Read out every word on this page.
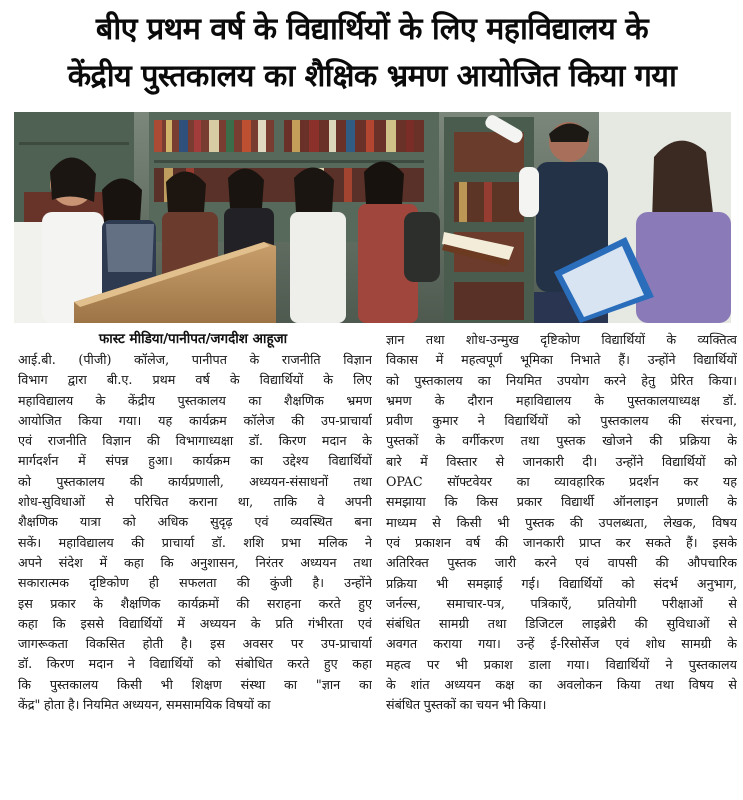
बीए प्रथम वर्ष के विद्यार्थियों के लिए महाविद्यालय के
केंद्रीय पुस्तकालय का शैक्षिक भ्रमण आयोजित किया गया
फास्ट मीडिया/पानीपत/जगदीश आहूजा
आई.बी. (पीजी) कॉलेज, पानीपत के राजनीति विज्ञान
विभाग द्वारा बी.ए. प्रथम वर्ष के विद्यार्थियों के लिए
महाविद्यालय के केंद्रीय पुस्तकालय का शैक्षणिक भ्रमण
आयोजित किया गया। यह कार्यक्रम कॉलेज की उप-प्राचार्या
एवं राजनीति विज्ञान की विभागाध्यक्षा डॉ. किरण मदान के
मार्गदर्शन में संपन्न हुआ। कार्यक्रम का उद्देश्य विद्यार्थियों
को पुस्तकालय की कार्यप्रणाली, अध्ययन-संसाधनों तथा
शोध-सुविधाओं से परिचित कराना था, ताकि वे अपनी
शैक्षणिक यात्रा को अधिक सुदृढ़ एवं व्यवस्थित बना
सकें। महाविद्यालय की प्राचार्या डॉ. शशि प्रभा मलिक ने
अपने संदेश में कहा कि अनुशासन, निरंतर अध्ययन तथा
सकारात्मक दृष्टिकोण ही सफलता की कुंजी है। उन्होंने
इस प्रकार के शैक्षणिक कार्यक्रमों की सराहना करते हुए
कहा कि इससे विद्यार्थियों में अध्ययन के प्रति गंभीरता एवं
जागरूकता विकसित होती है। इस अवसर पर उप-प्राचार्या
डॉ. किरण मदान ने विद्यार्थियों को संबोधित करते हुए कहा
कि पुस्तकालय किसी भी शिक्षण संस्था का "ज्ञान का
केंद्र" होता है। नियमित अध्ययन, समसामयिक विषयों का
ज्ञान तथा शोध-उन्मुख दृष्टिकोण विद्यार्थियों के व्यक्तित्व
विकास में महत्वपूर्ण भूमिका निभाते हैं। उन्होंने विद्यार्थियों
को पुस्तकालय का नियमित उपयोग करने हेतु प्रेरित किया।
भ्रमण के दौरान महाविद्यालय के पुस्तकालयाध्यक्ष डॉ.
प्रवीण कुमार ने विद्यार्थियों को पुस्तकालय की संरचना,
पुस्तकों के वर्गीकरण तथा पुस्तक खोजने की प्रक्रिया के
बारे में विस्तार से जानकारी दी। उन्होंने विद्यार्थियों को
OPAC सॉफ्टवेयर का व्यावहारिक प्रदर्शन कर यह
समझाया कि किस प्रकार विद्यार्थी ऑनलाइन प्रणाली के
माध्यम से किसी भी पुस्तक की उपलब्धता, लेखक, विषय
एवं प्रकाशन वर्ष की जानकारी प्राप्त कर सकते हैं। इसके
अतिरिक्त पुस्तक जारी करने एवं वापसी की औपचारिक
प्रक्रिया भी समझाई गई। विद्यार्थियों को संदर्भ अनुभाग,
जर्नल्स, समाचार-पत्र, पत्रिकाएँ, प्रतियोगी परीक्षाओं से
संबंधित सामग्री तथा डिजिटल लाइब्रेरी की सुविधाओं से
अवगत कराया गया। उन्हें ई-रिसोर्सेज एवं शोध सामग्री के
महत्व पर भी प्रकाश डाला गया। विद्यार्थियों ने पुस्तकालय
के शांत अध्ययन कक्ष का अवलोकन किया तथा विषय से
संबंधित पुस्तकों का चयन भी किया।
